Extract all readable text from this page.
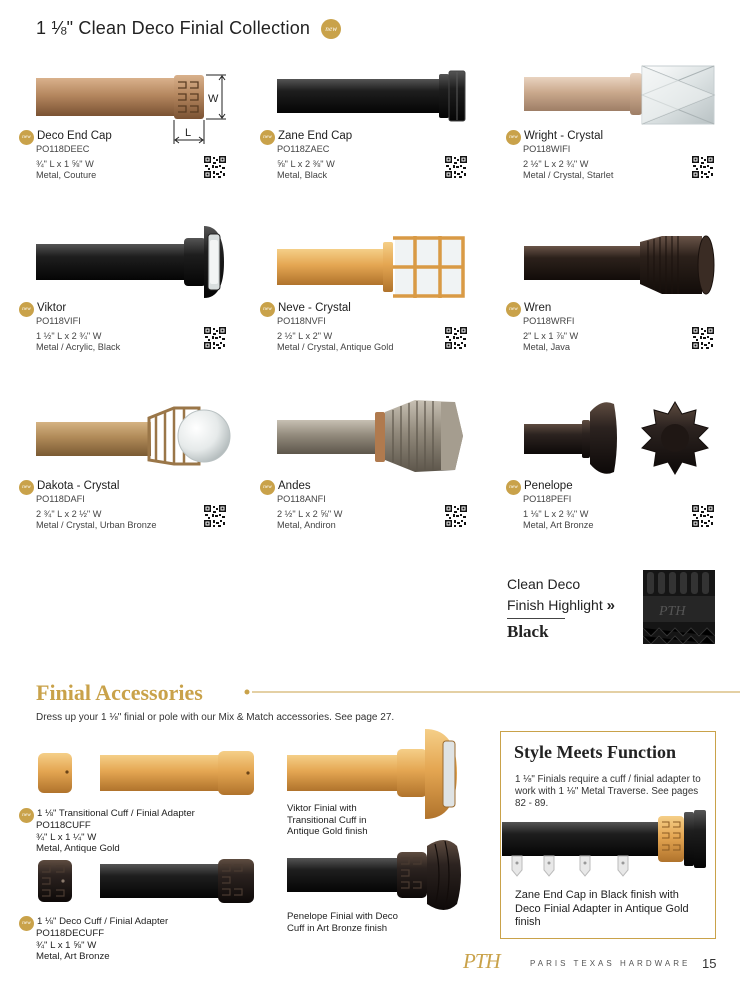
1 ⅛" Clean Deco Finial Collection new
W
L
new Deco End Cap
PO118DEEC
¾" L x 1 ⅝" W
Metal, Couture
new Zane End Cap
PO118ZAEC
⅝" L x 2 ⅜" W
Metal, Black
new Wright - Crystal
PO118WIFI
2 ½" L x 2 ¾" W
Metal / Crystal, Starlet
new Viktor
PO118VIFI
1 ½" L x 2 ¾" W
Metal / Acrylic, Black
new Neve - Crystal
PO118NVFI
2 ½" L x 2" W
Metal / Crystal, Antique Gold
new Wren
PO118WRFI
2" L x 1 ⅞" W
Metal, Java
new Dakota - Crystal
PO118DAFI
2 ¾" L x 2 ½" W
Metal / Crystal, Urban Bronze
new Andes
PO118ANFI
2 ½" L x 2 ⅝" W
Metal, Andiron
new Penelope
PO118PEFI
1 ⅛" L x 2 ¾" W
Metal, Art Bronze
Clean Deco
Finish Highlight »
Black
PTH
Finial Accessories
Dress up your 1 ⅛" finial or pole with our Mix & Match accessories. See page 27.
new 1 ⅛" Transitional Cuff / Finial Adapter
PO118CUFF
¾" L x 1 ¼" W
Metal, Antique Gold
new 1 ⅛" Deco Cuff / Finial Adapter
PO118DECUFF
¾" L x 1 ⅝" W
Metal, Art Bronze
Viktor Finial with
Transitional Cuff in
Antique Gold finish
Penelope Finial with Deco
Cuff in Art Bronze finish
Style Meets Function
1 ⅛" Finials require a cuff / finial adapter to work with 1 ⅛" Metal Traverse. See pages 82 - 89.
Zane End Cap in Black finish with Deco Finial Adapter in Antique Gold finish
PTH	PARIS TEXAS HARDWARE 15
